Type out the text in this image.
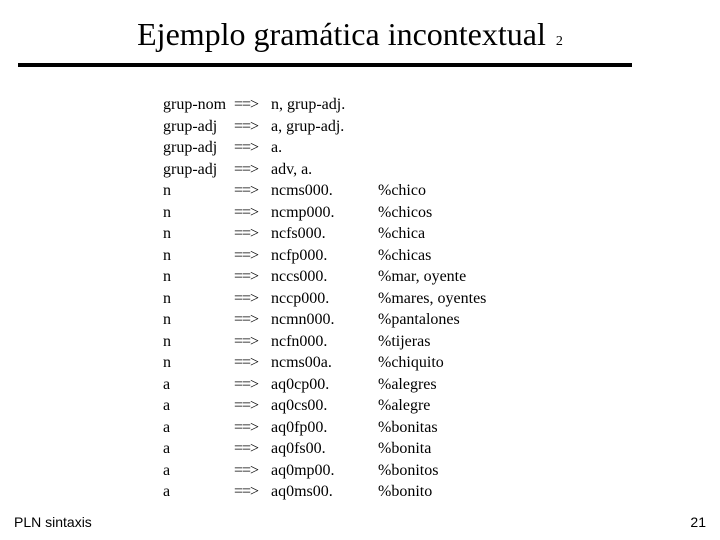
Ejemplo gramática incontextual 2
grup-nom ==> n, grup-adj.
grup-adj ==> a, grup-adj.
grup-adj ==> a.
grup-adj ==> adv, a.
n	==> ncms000.	%chico
n	==> ncmp000.	%chicos
n	==> ncfs000.	%chica
n	==> ncfp000.	%chicas
n	==> nccs000.	%mar, oyente
n	==> nccp000.	%mares, oyentes
n	==> ncmn000.	%pantalones
n	==> ncfn000.	%tijeras
n	==> ncms00a.	%chiquito
a	==> aq0cp00.	%alegres
a	==> aq0cs00.	%alegre
a	==> aq0fp00.	%bonitas
a	==> aq0fs00.	%bonita
a	==> aq0mp00.	%bonitos
a	==> aq0ms00.	%bonito
PLN sintaxis	21
